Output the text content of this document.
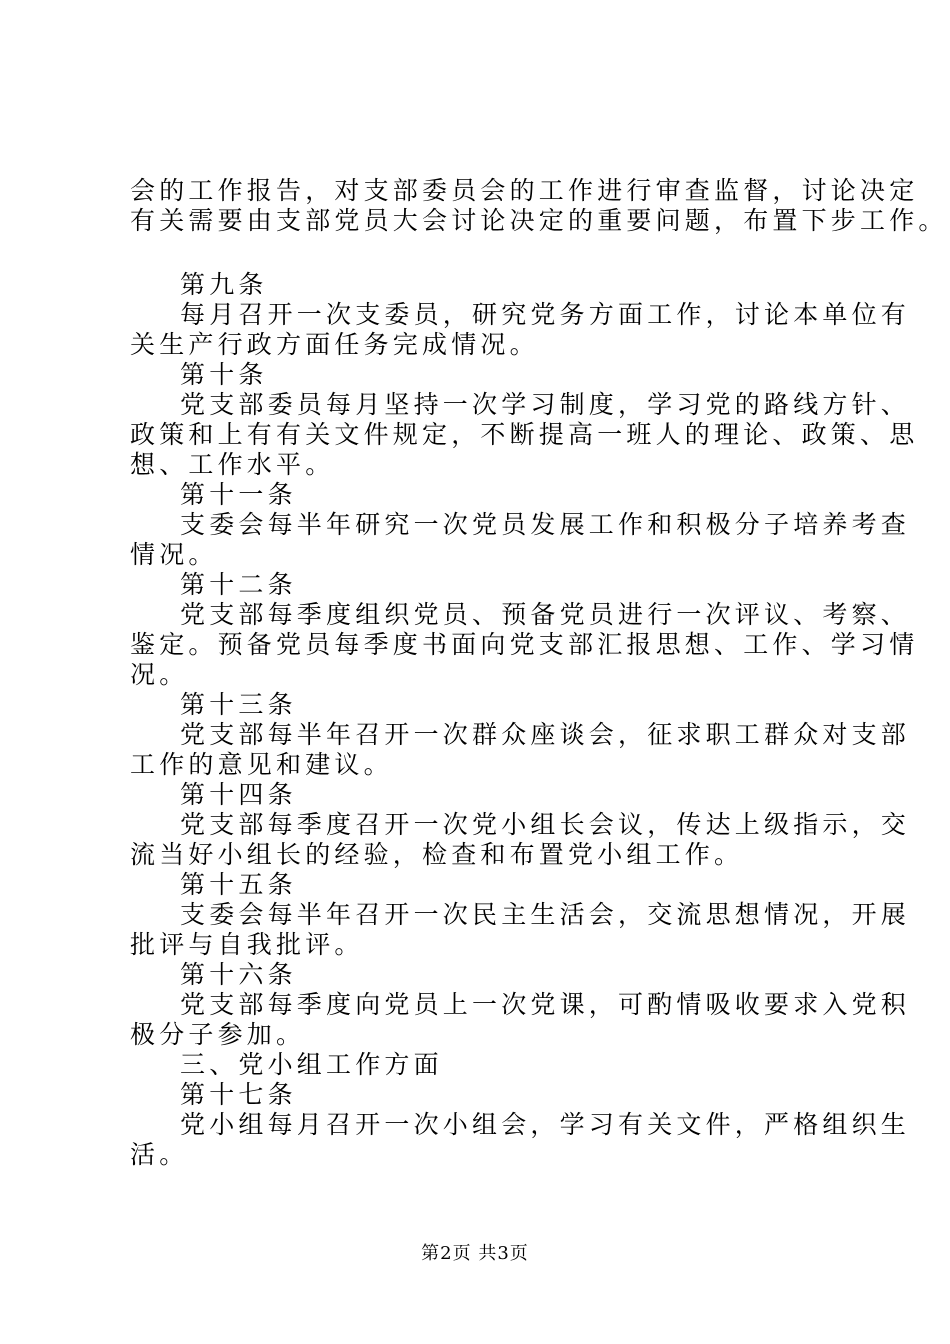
会的工作报告，对支部委员会的工作进行审查监督，讨论决定
有关需要由支部党员大会讨论决定的重要问题，布置下步工作。
第九条
每月召开一次支委员，研究党务方面工作，讨论本单位有
关生产行政方面任务完成情况。
第十条
党支部委员每月坚持一次学习制度，学习党的路线方针、
政策和上有有关文件规定，不断提高一班人的理论、政策、思
想、工作水平。
第十一条
支委会每半年研究一次党员发展工作和积极分子培养考查
情况。
第十二条
党支部每季度组织党员、预备党员进行一次评议、考察、
鉴定。预备党员每季度书面向党支部汇报思想、工作、学习情
况。
第十三条
党支部每半年召开一次群众座谈会，征求职工群众对支部
工作的意见和建议。
第十四条
党支部每季度召开一次党小组长会议，传达上级指示，交
流当好小组长的经验，检查和布置党小组工作。
第十五条
支委会每半年召开一次民主生活会，交流思想情况，开展
批评与自我批评。
第十六条
党支部每季度向党员上一次党课，可酌情吸收要求入党积
极分子参加。
三、党小组工作方面
第十七条
党小组每月召开一次小组会，学习有关文件，严格组织生
活。
第2页 共3页
